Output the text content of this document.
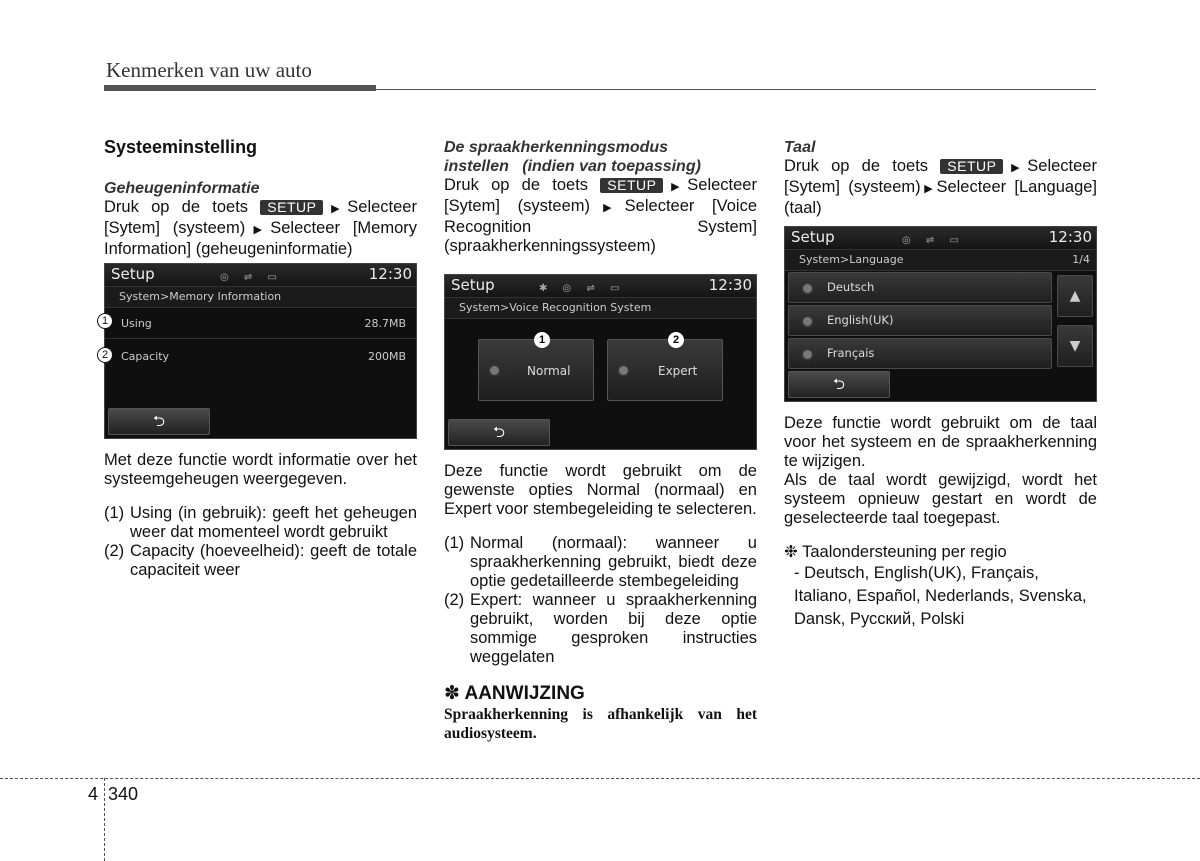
Kenmerken van uw auto
Systeeminstelling
Geheugeninformatie

Druk op de toets SETUP ▶Selecteer [Sytem] (systeem)▶Selecteer [Memory Information] (geheugeninformatie)

Setup	◎ ⇌ ▭	12:30
System>Memory Information
Using	28.7MB
Capacity	200MB
⮌
1
2

Met deze functie wordt informatie over het systeemgeheugen weergegeven.

(1) Using (in gebruik): geeft het geheugen weer dat momenteel wordt gebruikt
(2) Capacity (hoeveelheid): geeft de totale capaciteit weer
De spraakherkenningsmodus
instellen   (indien van toepassing)

Druk op de toets SETUP ▶Selecteer [Sytem] (systeem)▶Selecteer [Voice Recognition System] (spraakherkenningssysteem)

Setup	✱ ◎ ⇌ ▭	12:30
System>Voice Recognition System
Normal	Expert
1	2
⮌

Deze functie wordt gebruikt om de gewenste opties Normal (normaal) en Expert voor stembegeleiding te selecteren.

(1) Normal (normaal): wanneer u spraakherkenning gebruikt, biedt deze optie gedetailleerde stembegeleiding
(2) Expert: wanneer u spraakherkenning gebruikt, worden bij deze optie sommige gesproken instructies weggelaten
✽ AANWIJZING
Spraakherkenning is afhankelijk van het audiosysteem.
Taal

Druk op de toets SETUP ▶Selecteer [Sytem] (systeem)▶Selecteer [Language] (taal)

Setup	◎ ⇌ ▭	12:30
System>Language	1/4
Deutsch
English(UK)
Français
▲
▼
⮌

Deze functie wordt gebruikt om de taal voor het systeem en de spraakherkenning te wijzigen.

Als de taal wordt gewijzigd, wordt het systeem opnieuw gestart en wordt de geselecteerde taal toegepast.

❉ Taalondersteuning per regio
- Deutsch, English(UK), Français, Italiano, Español, Nederlands, Svenska, Dansk, Русский, Polski
4 340
